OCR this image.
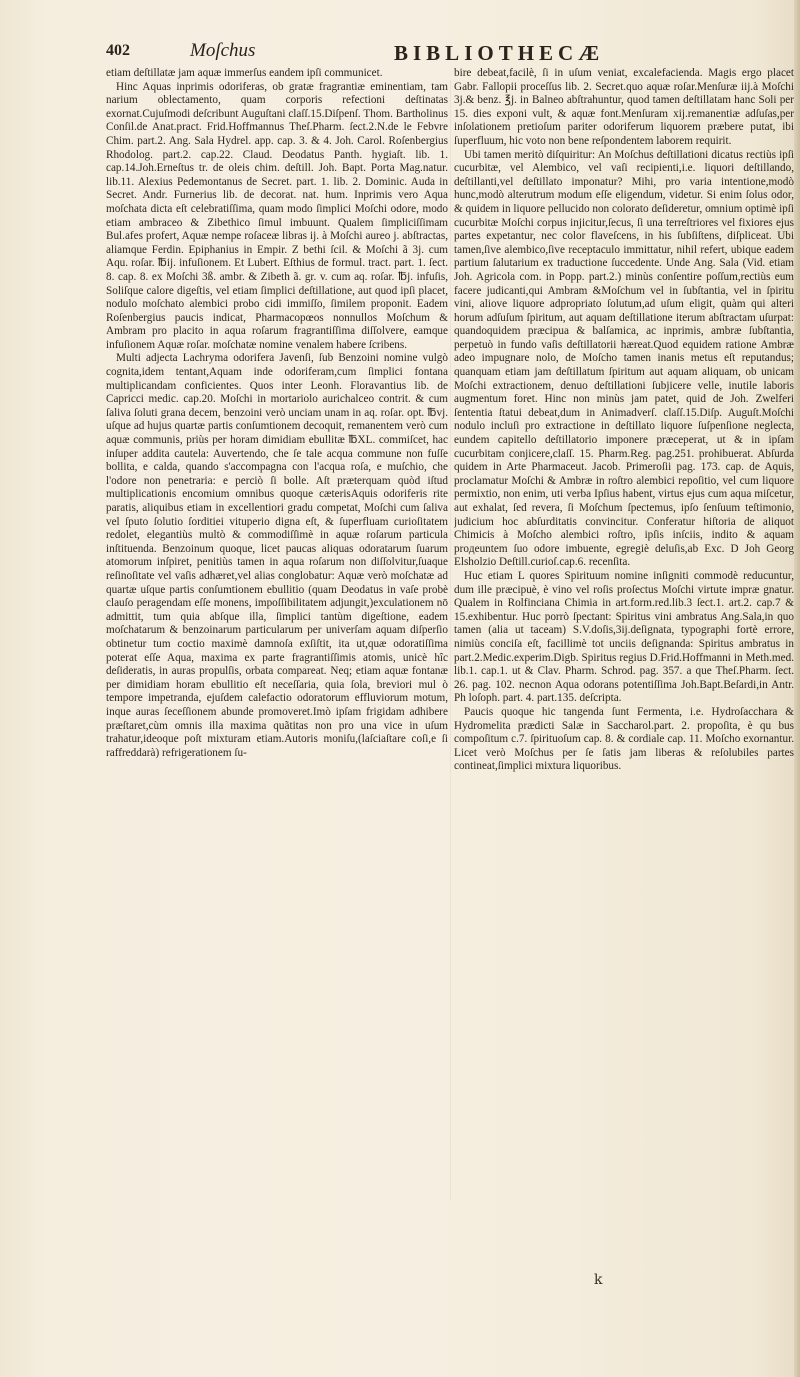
402	Moſchus	BIBLIOTHECÆ

etiam deſtillatæ jam aquæ immerſus eandem ipſi communicet.

Hinc Aquas inprimis odoriferas, ob gratæ fragrantiæ eminentiam, tam narium oblectamento, quam corporis refectioni deſtinatas exornat.Cujuſmodi deſcribunt Auguſtani claſſ.15.Diſpenſ. Thom. Bartholinus Conſil.de Anat.pract. Frid.Hoffmannus Theſ.Pharm. ſect.2.N.de le Febvre Chim. part.2. Ang. Sala Hydrel. app. cap. 3. & 4. Joh. Carol. Roſenbergius Rhodolog. part.2. cap.22. Claud. Deodatus Panth. hygiaſt. lib. 1. cap.14.Joh.Erneſtus tr. de oleis chim. deſtill. Joh. Bapt. Porta Mag.natur. lib.11. Alexius Pedemontanus de Secret. part. 1. lib. 2. Dominic. Auda in Secret. Andr. Furnerius lib. de decorat. nat. hum. Inprimis vero Aqua moſchata dicta eſt celebratiſſima, quam modo ſimplici Moſchi odore, modo etiam ambraceo & Zibethico ſimul imbuunt. Qualem ſimpliciſſimam Bul.afes profert, Aquæ nempe roſaceæ libras ij. à Moſchi aureo j. abſtractas, aliamque Ferdin. Epiphanius in Empir. Z bethi ſcil. & Moſchi ã 3j. cum Aqu. roſar. ℔ij. infuſionem. Et Lubert. Eſthius de formul. tract. part. 1. ſect. 8. cap. 8. ex Moſchi 3ß. ambr. & Zibeth ã. gr. v. cum aq. roſar. ℔j. infuſis, Soliſque calore digeſtis, vel etiam ſimplici deſtillatione, aut quod ipſi placet, nodulo moſchato alembici probo cidi immiſſo, ſimilem proponit. Eadem Roſenbergius paucis indicat, Pharmacopœos nonnullos Moſchum & Ambram pro placito in aqua roſarum fragrantiſſima diſſolvere, eamque infuſionem Aquæ roſar. moſchatæ nomine venalem habere ſcribens.

Multi adjecta Lachryma odorifera Javenſi, ſub Benzoini nomine vulgò cognita,idem tentant,Aquam inde odoriferam,cum ſimplici fontana multiplicandam conficientes. Quos inter Leonh. Floravantius lib. de Capricci medic. cap.20. Moſchi in mortariolo aurichalceo contrit. & cum ſaliva ſoluti grana decem, benzoini verò unciam unam in aq. roſar. opt. ℔vj. uſque ad hujus quartæ partis conſumtionem decoquit, remanentem verò cum aquæ communis, priùs per horam dimidiam ebullitæ ℔XL. commiſcet, hac inſuper addita cautela: Auvertendo, che ſe tale acqua commune non fuſſe bollita, e calda, quando s'accompagna con l'acqua roſa, e muſchio, che l'odore non penetraria: e perciò ſi bolle. Aſt præterquam quòd iſtud multiplicationis encomium omnibus quoque cæterisAquis odoriferis rite paratis, aliquibus etiam in excellentiori gradu competat, Moſchi cum ſaliva vel ſputo ſolutio ſorditiei vituperio digna eſt, & ſuperfluam curioſitatem redolet, elegantiùs multò & commodiſſimè in aquæ roſarum particula inſtituenda. Benzoinum quoque, licet paucas aliquas odoratarum ſuarum atomorum inſpiret, penitiùs tamen in aqua roſarum non diſſolvitur,ſuaque reſinoſitate vel vaſis adhæret,vel alias conglobatur: Aquæ verò moſchatæ ad quartæ uſque partis conſumtionem ebullitio (quam Deodatus in vaſe probè clauſo peragendam eſſe monens, impoſſibilitatem adjungit,)exculationem nō admittit, tum quia abſque illa, ſimplici tantùm digeſtione, eadem moſchatarum & benzoinarum particularum per univerſam aquam diſperſio obtinetur tum coctio maximè damnoſa exſiſtit, ita ut,quæ odoratiſſima poterat eſſe Aqua, maxima ex parte fragrantiſſimis atomis, unicè hîc deſideratis, in auras propulſis, orbata comparеat. Neq; etiam aquæ fontanæ per dimidiam horam ebullitio eſt neceſſaria, quia ſola, breviori mul ò tempore impetranda, ejuſdem calefactio odoratorum effluviorum motum, inque auras ſeceſſionem abunde promoveret.Imò ipſam frigidam adhibere præſtaret,cùm omnis illa maxima quãtitas non pro una vice in uſum trahatur,ideoque poſt mixturam etiam.Autoris moniſu,(laſciaſtare coſi,e ſi raffreddarà) refrigerationem ſu-

bire debeat,facilè, ſi in uſum veniat, excalefacienda. Magis ergo placet Gabr. Fallopii proceſſus lib. 2. Secret.quo aquæ roſar.Menſuræ iij.à Moſchi 3j.& benz. ℥j. in Balneo abſtrahuntur, quod tamen deſtillatam hanc Soli per 15. dies exponi vult, & aquæ font.Menſuram xij.remanentiæ adſuſas,per inſolationem pretioſum pariter odoriferum liquorem præbere putat, ibi ſuperfluum, hic voto non bene reſpondentem laborem requirit.

Ubi tamen meritò diſquiritur: An Moſchus deſtillationi dicatus rectiùs ipſi cucurbitæ, vel Alembico, vel vaſi recipienti,i.e. liquori deſtillando, deſtillanti,vel deſtillato imponatur? Mihi, pro varia intentione,modò hunc,modò alterutrum modum eſſe eligendum, videtur. Si enim ſolus odor, & quidem in liquore pellucido non colorato deſideretur, omnium optimè ipſi cucurbitæ Moſchi corpus injicitur,ſecus, ſi una terreſtriores vel fixiores ejus partes expetantur, nec color flaveſcens, in his ſubſiſtens, diſpliceat. Ubi tamen,ſive alembico,ſive receptaculo immittatur, nihil refert, ubique eadem partium ſalutarium ex traductione ſuccedente. Unde Ang. Sala (Vid. etiam Joh. Agricola com. in Popp. part.2.) minùs conſentire poſſum,rectiùs eum facere judicanti,qui Ambram &Moſchum vel in ſubſtantia, vel in ſpiritu vini, aliove liquore adpropriato ſolutum,ad uſum eligit, quàm qui alteri horum adſuſum ſpiritum, aut aquam deſtillatione iterum abſtractam uſurpat: quandoquidem præcipua & balſamica, ac inprimis, ambræ ſubſtantia, perpetuò in fundo vaſis deſtillatorii hæreat.Quod equidem ratione Ambræ adeo impugnare nolo, de Moſcho tamen inanis metus eſt reputandus; quanquam etiam jam deſtillatum ſpiritum aut aquam aliquam, ob unicam Moſchi extractionem, denuo deſtillationi ſubjicere velle, inutile laboris augmentum foret. Hinc non minùs jam patet, quid de Joh. Zwelferi ſententia ſtatui debeat,dum in Animadverſ. claſſ.15.Diſp. Auguſt.Moſchi nodulo incluſi pro extractione in deſtillato liquore ſuſpenſione neglecta, eundem capitello deſtillatorio imponere præceperat, ut & in ipſam cucurbitam conjicere,claſſ. 15. Pharm.Reg. pag.251. prohibuerat. Abſurda quidem in Arte Pharmaceut. Jacob. Primeroſii pag. 173. cap. de Aquis, proclamatur Moſchi & Ambræ in roſtro alembici repoſitio, vel cum liquore permixtio, non enim, uti verba Ipſius habent, virtus ejus cum aqua miſcetur, aut exhalat, ſed revera, ſi Moſchum ſpectemus, ipſo ſenſuum teſtimonio, judicium hoc abſurditatis convincitur. Conferatur hiſtoria de aliquot Chimicis à Moſcho alembici roſtro, ipſis inſciis, indito & aquam proдеuntem ſuo odore imbuente, egregiè deluſis,ab Exc. D Joh Georg Elsholzio Deſtill.curioſ.cap.6. recenſita.

Huc etiam L quores Spirituum nomine inſigniti commodè reducuntur, dum ille præcipuè, è vino vel roſis proſectus Moſchi virtute impræ gnatur. Qualem in Rolfinciana Chimia in art.form.red.lib.3 ſect.1. art.2. cap.7 & 15.exhibentur. Huc porrò ſpectant: Spiritus vini ambratus Ang.Sala,in quo tamen (alia ut taceam) S.V.doſis,3ij.deſignata, typographi fortè errore, nimiùs conciſa eſt, facillimè tot unciis deſignanda: Spiritus ambratus in part.2.Medic.experim.Digb. Spiritus regius D.Frid.Hoffmanni in Meth.med. lib.1. cap.1. ut & Clav. Pharm. Schrod. pag. 357. a que Theſ.Pharm. ſect. 26. pag. 102. necnon Aqua odorans potentiſſima Joh.Bapt.Beſardi,in Antr. Ph loſoph. part. 4. part.135. deſcripta.

Paucis quoque hic tangenda ſunt Fermenta, i.e. Hydroſacchara & Hydromelita prædicti Salæ in Saccharol.part. 2. propoſita, è qu bus compoſitum c.7. ſpirituoſum cap. 8. & cordiale cap. 11. Moſcho exornantur. Licet verò Moſchus per ſe ſatis jam liberas & reſolubiles partes contineat,ſimplici mixtura liquoribus.

k
